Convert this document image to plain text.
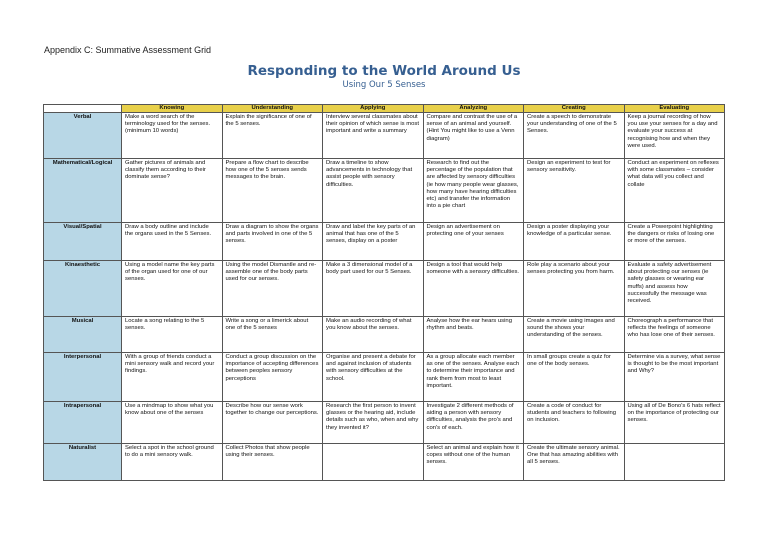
Appendix C: Summative Assessment Grid
Responding to the World Around Us
Using Our 5 Senses
	Knowing	Understanding	Applying	Analyzing	Creating	Evaluating
Verbal	Make a word search of the terminology used for the senses. (minimum 10 words)	Explain the significance of one of the 5 senses.	Interview several classmates about their opinion of which sense is most important and write a summary	Compare and contrast the use of a sense of an animal and yourself. (Hint You might like to use a Venn diagram)	Create a speech to demonstrate your understanding of one of the 5 Senses.	Keep a journal recording of how you use your senses for a day and evaluate your success at recognising how and when they were used.
Mathematical/Logical	Gather pictures of animals and classify them according to their dominate sense?	Prepare a flow chart to describe how one of the 5 senses sends messages to the brain.	Draw a timeline to show advancements in technology that assist people with sensory difficulties.	Research to find out the percentage of the population that are affected by sensory difficulties (ie how many people wear glasses, how many have hearing difficulties etc) and transfer the information into a pie chart	Design an experiment to test for sensory sensitivity.	Conduct an experiment on reflexes with some classmates – consider what data will you collect and collate
Visual/Spatial	Draw a body outline and include the organs used in the 5 Senses.	Draw a diagram to show the organs and parts involved in one of the 5 senses.	Draw and label the key parts of an animal that has one of the 5 senses, display on a poster	Design an advertisement on protecting one of your senses	Design a poster displaying your knowledge of a particular sense.	Create a Powerpoint highlighting the dangers or risks of losing one or more of the senses.
Kinaesthetic	Using a model name the key parts of the organ used for one of our senses.	Using the model Dismantle and re-assemble one of the body parts used for our senses.	Make a 3 dimensional model of a body part used for our 5 Senses.	Design a tool that would help someone with a sensory difficulties.	Role play a scenario about your senses protecting you from harm.	Evaluate a safety advertisement about protecting our senses (ie safety glasses or wearing ear muffs) and assess how successfully the message was received.
Musical	Locate a song relating to the 5 senses.	Write a song or a limerick about one of the 5 senses	Make an audio recording of what you know about the senses.	Analyse how the ear hears using rhythm and beats.	Create a movie using images and sound the shows your understanding of the senses.	Choreograph a performance that reflects the feelings of someone who has lose one of their senses.
Interpersonal	With a group of friends conduct a mini sensory walk and record your findings.	Conduct a group discussion on the importance of accepting differences between peoples sensory perceptions	Organise and present a debate for and against inclusion of students with sensory difficulties at the school.	As a group allocate each member as one of the senses. Analyse each to determine their importance and rank them from most to least important.	In small groups create a quiz for one of the body senses.	Determine via a survey, what sense is thought to be the most important and Why?
Intrapersonal	Use a mindmap to show what you know about one of the senses	Describe how our sense work together to change our perceptions.	Research the first person to invent glasses or the hearing aid, include details such as who, when and why they invented it?	Investigate 2 different methods of aiding a person with sensory difficulties, analysis the pro's and con's of each.	Create a code of conduct for students and teachers to following on inclusion.	Using all of De Bono's 6 hats reflect on the importance of protecting our senses.
Naturalist	Select a spot in the school ground to do a mini sensory walk.	Collect Photos that show people using their senses.		Select an animal and explain how it copes without one of the human senses.	Create the ultimate sensory animal. One that has amazing abilities with all 5 senses.	
